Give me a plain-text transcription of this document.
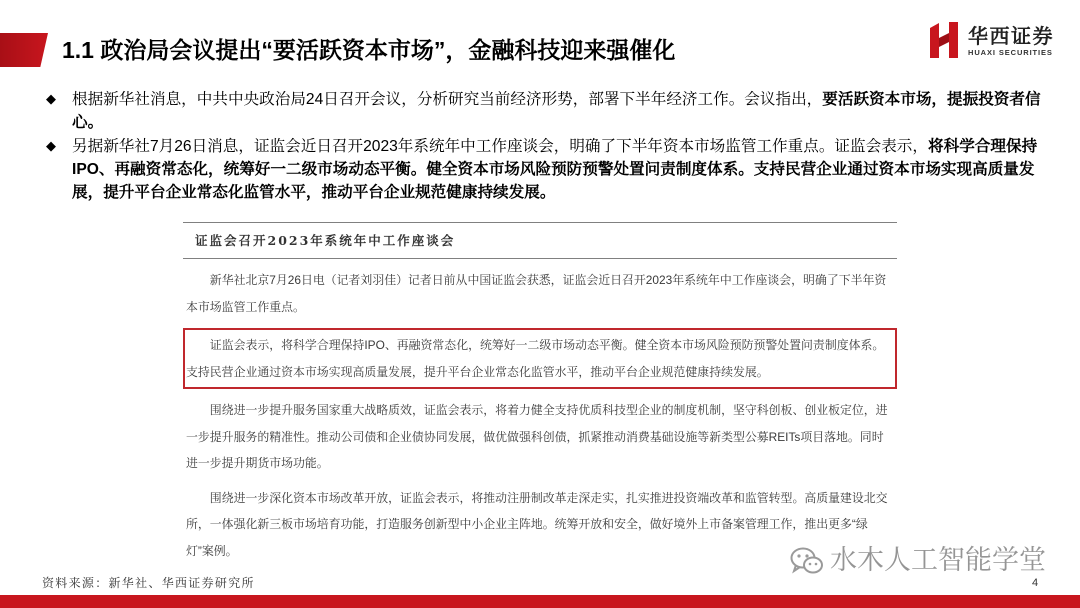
1.1 政治局会议提出“要活跃资本市场”，金融科技迎来强催化
华西证券
HUAXI SECURITIES
◆ 根据新华社消息，中共中央政治局24日召开会议，分析研究当前经济形势，部署下半年经济工作。会议指出，要活跃资本市场，提振投资者信心。

◆ 另据新华社7月26日消息，证监会近日召开2023年系统年中工作座谈会，明确了下半年资本市场监管工作重点。证监会表示，将科学合理保持IPO、再融资常态化，统筹好一二级市场动态平衡。健全资本市场风险预防预警处置问责制度体系。支持民营企业通过资本市场实现高质量发展，提升平台企业常态化监管水平，推动平台企业规范健康持续发展。

证监会召开2023年系统年中工作座谈会

新华社北京7月26日电（记者刘羽佳）记者日前从中国证监会获悉，证监会近日召开2023年系统年中工作座谈会，明确了下半年资本市场监管工作重点。

证监会表示，将科学合理保持IPO、再融资常态化，统筹好一二级市场动态平衡。健全资本市场风险预防预警处置问责制度体系。支持民营企业通过资本市场实现高质量发展，提升平台企业常态化监管水平，推动平台企业规范健康持续发展。

围绕进一步提升服务国家重大战略质效，证监会表示，将着力健全支持优质科技型企业的制度机制，坚守科创板、创业板定位，进一步提升服务的精准性。推动公司债和企业债协同发展，做优做强科创债，抓紧推动消费基础设施等新类型公募REITs项目落地。同时进一步提升期货市场功能。

围绕进一步深化资本市场改革开放，证监会表示，将推动注册制改革走深走实，扎实推进投资端改革和监管转型。高质量建设北交所，一体强化新三板市场培育功能，打造服务创新型中小企业主阵地。统筹开放和安全，做好境外上市备案管理工作，推出更多“绿灯”案例。

资料来源：新华社、华西证券研究所	4
水木人工智能学堂
